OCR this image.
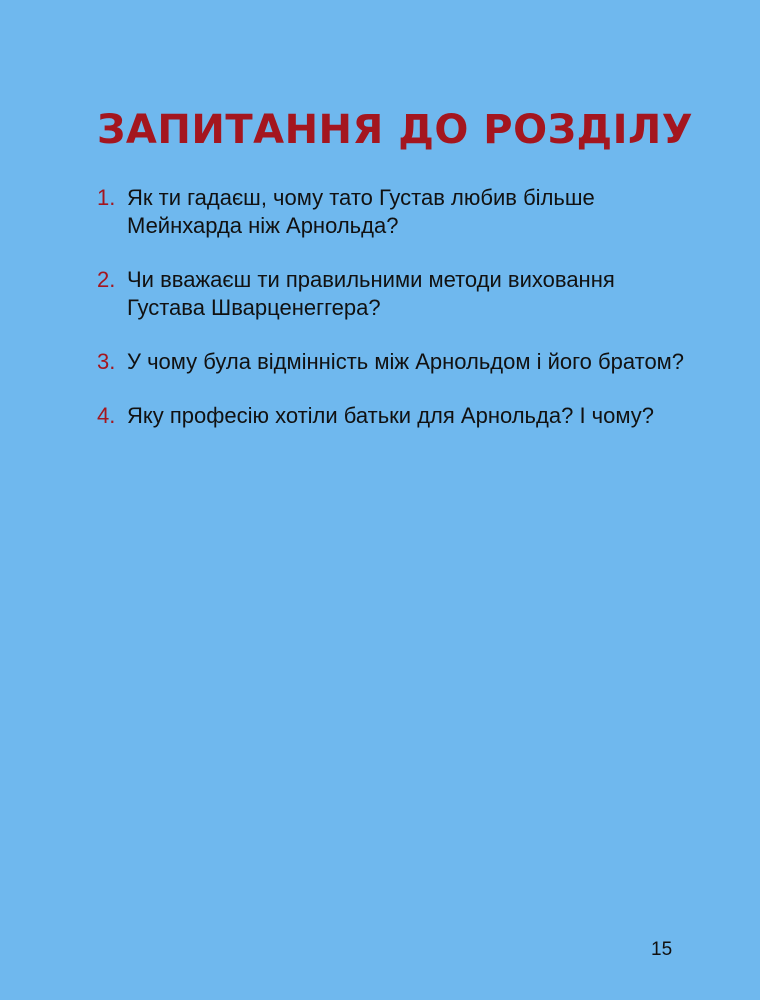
ЗАПИТАННЯ ДО РОЗДІЛУ
1. Як ти гадаєш, чому тато Густав любив більше Мейнхарда ніж Арнольда?
2. Чи вважаєш ти правильними методи виховання Густава Шварценеггера?
3. У чому була відмінність між Арнольдом і його братом?
4. Яку професію хотіли батьки для Арнольда? І чому?
15
